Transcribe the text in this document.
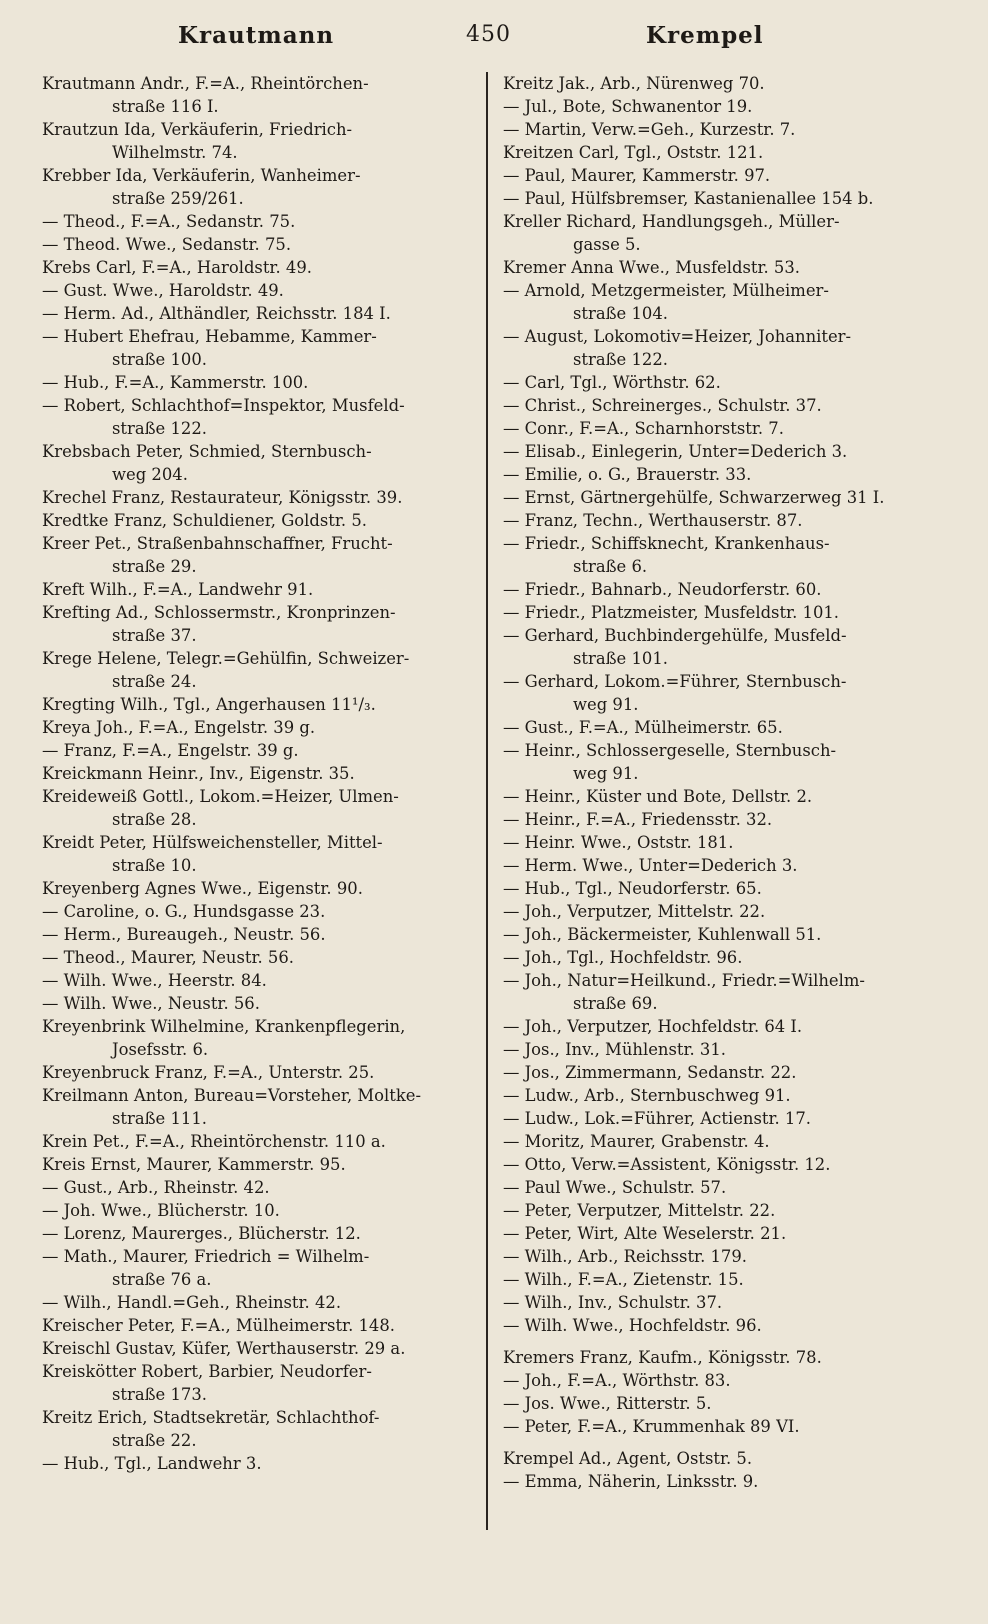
Krautmann	450	Krempel

Krautmann Andr., F.=A., Rheintörchen-

straße 116 I.

Krautzun Ida, Verkäuferin, Friedrich-

Wilhelmstr. 74.

Krebber Ida, Verkäuferin, Wanheimer-

straße 259/261.

— Theod., F.=A., Sedanstr. 75.

— Theod. Wwe., Sedanstr. 75.

Krebs Carl, F.=A., Haroldstr. 49.

— Gust. Wwe., Haroldstr. 49.

— Herm. Ad., Althändler, Reichsstr. 184 I.

— Hubert Ehefrau, Hebamme, Kammer-

straße 100.

— Hub., F.=A., Kammerstr. 100.

— Robert, Schlachthof=Inspektor, Musfeld-

straße 122.

Krebsbach Peter, Schmied, Sternbusch-

weg 204.

Krechel Franz, Restaurateur, Königsstr. 39.

Kredtke Franz, Schuldiener, Goldstr. 5.

Kreer Pet., Straßenbahnschaffner, Frucht-

straße 29.

Kreft Wilh., F.=A., Landwehr 91.

Krefting Ad., Schlossermstr., Kronprinzen-

straße 37.

Krege Helene, Telegr.=Gehülfin, Schweizer-

straße 24.

Kregting Wilh., Tgl., Angerhausen 11¹/₃.

Kreya Joh., F.=A., Engelstr. 39 g.

— Franz, F.=A., Engelstr. 39 g.

Kreickmann Heinr., Inv., Eigenstr. 35.

Kreideweiß Gottl., Lokom.=Heizer, Ulmen-

straße 28.

Kreidt Peter, Hülfsweichensteller, Mittel-

straße 10.

Kreyenberg Agnes Wwe., Eigenstr. 90.

— Caroline, o. G., Hundsgasse 23.

— Herm., Bureaugeh., Neustr. 56.

— Theod., Maurer, Neustr. 56.

— Wilh. Wwe., Heerstr. 84.

— Wilh. Wwe., Neustr. 56.

Kreyenbrink Wilhelmine, Krankenpflegerin,

Josefsstr. 6.

Kreyenbruck Franz, F.=A., Unterstr. 25.

Kreilmann Anton, Bureau=Vorsteher, Moltke-

straße 111.

Krein Pet., F.=A., Rheintörchenstr. 110 a.

Kreis Ernst, Maurer, Kammerstr. 95.

— Gust., Arb., Rheinstr. 42.

— Joh. Wwe., Blücherstr. 10.

— Lorenz, Maurerges., Blücherstr. 12.

— Math., Maurer, Friedrich = Wilhelm-

straße 76 a.

— Wilh., Handl.=Geh., Rheinstr. 42.

Kreischer Peter, F.=A., Mülheimerstr. 148.

Kreischl Gustav, Küfer, Werthauserstr. 29 a.

Kreiskötter Robert, Barbier, Neudorfer-

straße 173.

Kreitz Erich, Stadtsekretär, Schlachthof-

straße 22.

— Hub., Tgl., Landwehr 3.

Kreitz Jak., Arb., Nürenweg 70.

— Jul., Bote, Schwanentor 19.

— Martin, Verw.=Geh., Kurzestr. 7.

Kreitzen Carl, Tgl., Oststr. 121.

— Paul, Maurer, Kammerstr. 97.

— Paul, Hülfsbremser, Kastanienallee 154 b.

Kreller Richard, Handlungsgeh., Müller-

gasse 5.

Kremer Anna Wwe., Musfeldstr. 53.

— Arnold, Metzgermeister, Mülheimer-

straße 104.

— August, Lokomotiv=Heizer, Johanniter-

straße 122.

— Carl, Tgl., Wörthstr. 62.

— Christ., Schreinerges., Schulstr. 37.

— Conr., F.=A., Scharnhorststr. 7.

— Elisab., Einlegerin, Unter=Dederich 3.

— Emilie, o. G., Brauerstr. 33.

— Ernst, Gärtnergehülfe, Schwarzerweg 31 I.

— Franz, Techn., Werthauserstr. 87.

— Friedr., Schiffsknecht, Krankenhaus-

straße 6.

— Friedr., Bahnarb., Neudorferstr. 60.

— Friedr., Platzmeister, Musfeldstr. 101.

— Gerhard, Buchbindergehülfe, Musfeld-

straße 101.

— Gerhard, Lokom.=Führer, Sternbusch-

weg 91.

— Gust., F.=A., Mülheimerstr. 65.

— Heinr., Schlossergeselle, Sternbusch-

weg 91.

— Heinr., Küster und Bote, Dellstr. 2.

— Heinr., F.=A., Friedensstr. 32.

— Heinr. Wwe., Oststr. 181.

— Herm. Wwe., Unter=Dederich 3.

— Hub., Tgl., Neudorferstr. 65.

— Joh., Verputzer, Mittelstr. 22.

— Joh., Bäckermeister, Kuhlenwall 51.

— Joh., Tgl., Hochfeldstr. 96.

— Joh., Natur=Heilkund., Friedr.=Wilhelm-

straße 69.

— Joh., Verputzer, Hochfeldstr. 64 I.

— Jos., Inv., Mühlenstr. 31.

— Jos., Zimmermann, Sedanstr. 22.

— Ludw., Arb., Sternbuschweg 91.

— Ludw., Lok.=Führer, Actienstr. 17.

— Moritz, Maurer, Grabenstr. 4.

— Otto, Verw.=Assistent, Königsstr. 12.

— Paul Wwe., Schulstr. 57.

— Peter, Verputzer, Mittelstr. 22.

— Peter, Wirt, Alte Weselerstr. 21.

— Wilh., Arb., Reichsstr. 179.

— Wilh., F.=A., Zietenstr. 15.

— Wilh., Inv., Schulstr. 37.

— Wilh. Wwe., Hochfeldstr. 96.

Kremers Franz, Kaufm., Königsstr. 78.

— Joh., F.=A., Wörthstr. 83.

— Jos. Wwe., Ritterstr. 5.

— Peter, F.=A., Krummenhak 89 VI.

Krempel Ad., Agent, Oststr. 5.

— Emma, Näherin, Linksstr. 9.
